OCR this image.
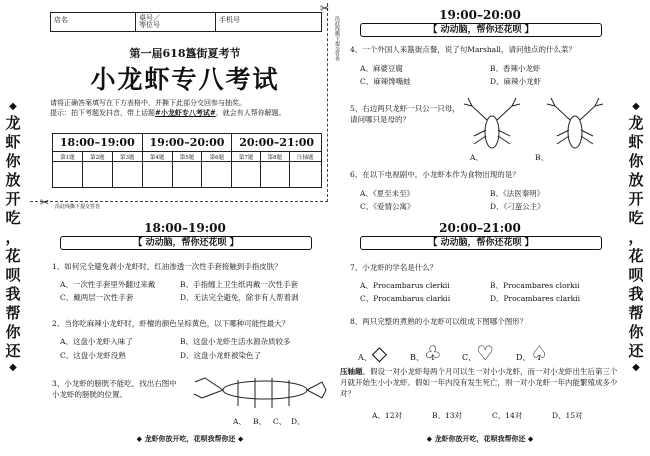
◆
龙
虾
你
放
开
吃
，
花
呗
我
帮
你
还
◆
◆
龙
虾
你
放
开
吃
，
花
呗
我
帮
你
还
◆
✂
✂
沿此线撕下提交答卷
沿此线撕下提交答卷
店名	桌号／
等位号
手机号
第一届618簋街夏考节
小龙虾专八考试
请将正确答案填写在下方表格中，并撕下此部分交回参与抽奖。
提示：拍下考题发抖音，带上话题#小龙虾专八考试#，就会有人帮你解题。
18:00–19:00			19:00–20:00			20:00–21:00		
第1题	第2题	第3题	第4题	第5题	第6题	第7题	第8题	压轴题

18:00–19:00
【 动动脑，帮你还花呗 】
1、如何完全避免剥小龙虾时，红油渗透一次性手套接触到手指皮肤？
A、一次性手套里外翻过来戴	B、手指缠上卫生纸再戴一次性手套
C、戴两层一次性手套	D、无法完全避免，除非有人帮着剥
2、当你吃麻辣小龙虾时，虾檀的颜色呈棕黄色，以下哪种可能性最大？
A、这盘小龙虾入味了	B、这盘小龙虾生活水源杂质较多
C、这盘小龙虾没熟	D、这盘小龙虾被染色了
3、小龙虾的膀胱不能吃，找出右图中小龙虾的膀胱的位置。
A、 B、 C、 D、
◆ 龙虾你放开吃，花呗我帮你还 ◆
19:00–20:00
【 动动脑，帮你还花呗 】
4、一个外国人来簋街点餐，说了句Marshall，请问他点的什么菜？
A、麻婆豆腐	B、香辣小龙虾
C、麻辣馋嘴蛙	D、麻辣小龙虾
5、右边两只龙虾一只公一只母，请问哪只是母的？
A、	B、
6、在以下电视剧中，小龙虾本作为食物出现的是？
A、《夏至未至》	B、《法医秦明》
C、《爱情公寓》	D、《刁蛮公主》
20:00–21:00
【 动动脑，帮你还花呗 】
7、小龙虾的学名是什么？
A、Procambarus clerkii	B、Procambares clorkii
C、Procambarus clarkii	D、Procambares clarkii
8、两只完整的煮熟的小龙虾可以组成下图哪个图形？
A、◇	B、♧	C、♡	D、♤
压轴题、假设一对小龙虾每两个月可以生一对小小龙虾，而一对小龙虾出生后第三个月就开始生小小龙虾。假如一年内没有发生死亡，则一对小龙虾一年内能繁殖成多少对？
A、12对	B、13对	C、14对	D、15对
◆ 龙虾你放开吃，花呗我帮你还 ◆
